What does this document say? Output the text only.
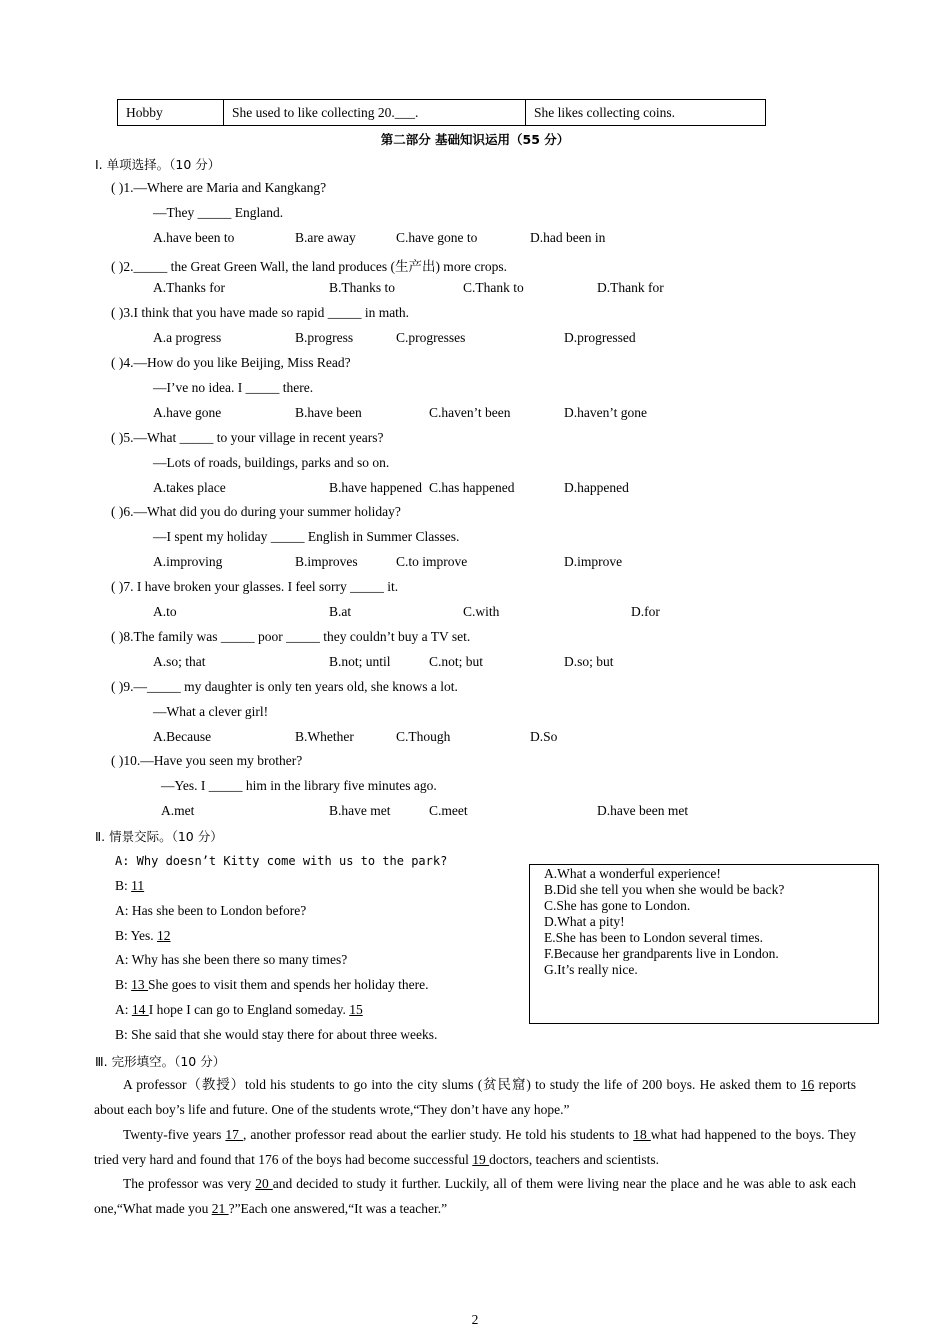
Hobby	She used to like collecting 20.___.	She likes collecting coins.
第二部分 基础知识运用（55 分）
Ⅰ. 单项选择。（10 分）
( )1.—Where are Maria and Kangkang?
—They _____ England.
A.have been to	B.are away	C.have gone to	D.had been in
( )2._____ the Great Green Wall, the land produces (生产出) more crops.
A.Thanks for	B.Thanks to	C.Thank to	D.Thank for
( )3.I think that you have made so rapid _____ in math.
A.a progress	B.progress	C.progresses	D.progressed
( )4.—How do you like Beijing, Miss Read?
—I’ve no idea. I _____ there.
A.have gone	B.have been	C.haven’t been	D.haven’t gone
( )5.—What _____ to your village in recent years?
—Lots of roads, buildings, parks and so on.
A.takes place	B.have happened C.has happened	D.happened
( )6.—What did you do during your summer holiday?
—I spent my holiday _____ English in Summer Classes.
A.improving	B.improves	C.to improve	D.improve
( )7. I have broken your glasses. I feel sorry _____ it.
A.to	B.at	C.with	D.for
( )8.The family was _____ poor _____ they couldn’t buy a TV set.
A.so; that	B.not; until	C.not; but	D.so; but
( )9.—_____ my daughter is only ten years old, she knows a lot.
—What a clever girl!
A.Because	B.Whether	C.Though	D.So
( )10.—Have you seen my brother?
—Yes. I _____ him in the library five minutes ago.
A.met	B.have met	C.meet	D.have been met
Ⅱ. 情景交际。（10 分）
A: Why doesn’t Kitty come with us to the park?
B: 11
A: Has she been to London before?
B: Yes. 12
A: Why has she been there so many times?
B: 13 She goes to visit them and spends her holiday there.
A: 14 I hope I can go to England someday. 15
B: She said that she would stay there for about three weeks.
A.What a wonderful experience!
B.Did she tell you when she would be back?
C.She has gone to London.
D.What a pity!
E.She has been to London several times.
F.Because her grandparents live in London.
G.It’s really nice.
Ⅲ. 完形填空。（10 分）
A professor（教授）told his students to go into the city slums (贫民窟) to study the life of 200 boys. He asked them to 16 reports about each boy’s life and future. One of the students wrote,“They don’t have any hope.”
Twenty-five years 17 , another professor read about the earlier study. He told his students to 18 what had happened to the boys. They tried very hard and found that 176 of the boys had become successful 19 doctors, teachers and scientists.
The professor was very 20 and decided to study it further. Luckily, all of them were living near the place and he was able to ask each one,“What made you 21 ?”Each one answered,“It was a teacher.”
2
